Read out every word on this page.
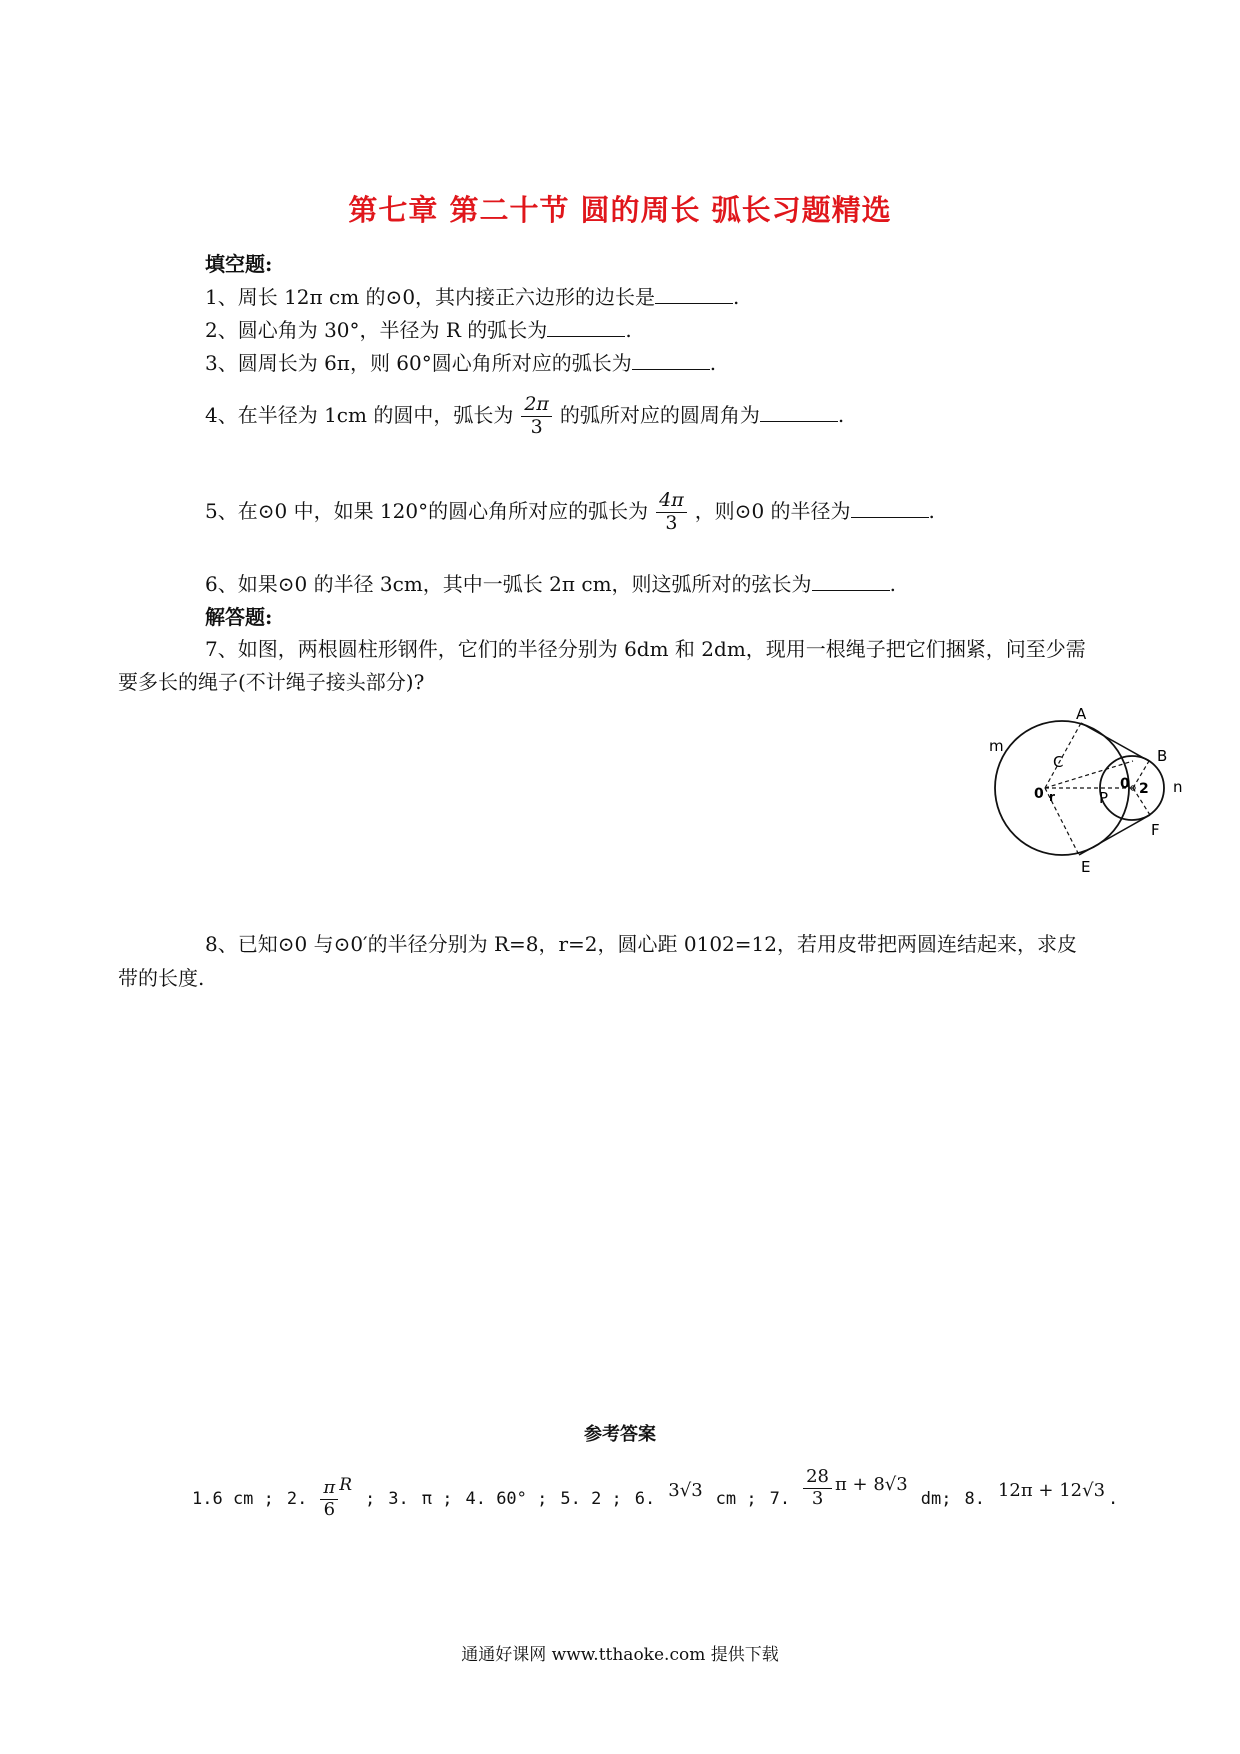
第七章 第二十节 圆的周长 弧长习题精选
填空题:
1、周长 12π cm 的⊙0，其内接正六边形的边长是	.
2、圆心角为 30°，半径为 R 的弧长为	.
3、圆周长为 6π，则 60°圆心角所对应的弧长为	.
4、在半径为 1cm 的圆中，弧长为 $\frac{2\pi}{3}$ 的弧所对应的圆周角为	.
5、在⊙0 中，如果 120°的圆心角所对应的弧长为 $\frac{4\pi}{3}$ ，则⊙0 的半径为	.
6、如果⊙0 的半径 3cm，其中一弧长 2π cm，则这弧所对的弦长为	.
解答题:
7、如图，两根圆柱形钢件，它们的半径分别为 6dm 和 2dm，现用一根绳子把它们捆紧，问至少需
要多长的绳子(不计绳子接头部分)?
A
B
C
E
F
P
m
n
0 r
0 2
8、已知⊙0 与⊙0′的半径分别为 R=8，r=2，圆心距 0102=12，若用皮带把两圆连结起来，求皮
带的长度.
参考答案
1.6 cm ; 2. $\frac{\pi}{6}$ R
; 3. π ; 4. 60° ; 5. 2 ; 6. 3√3 cm ; 7. $\frac{28}{3}$ π + 8√3
dm; 8. 12π + 12√3 .
通通好课网 www.tthaoke.com 提供下载
